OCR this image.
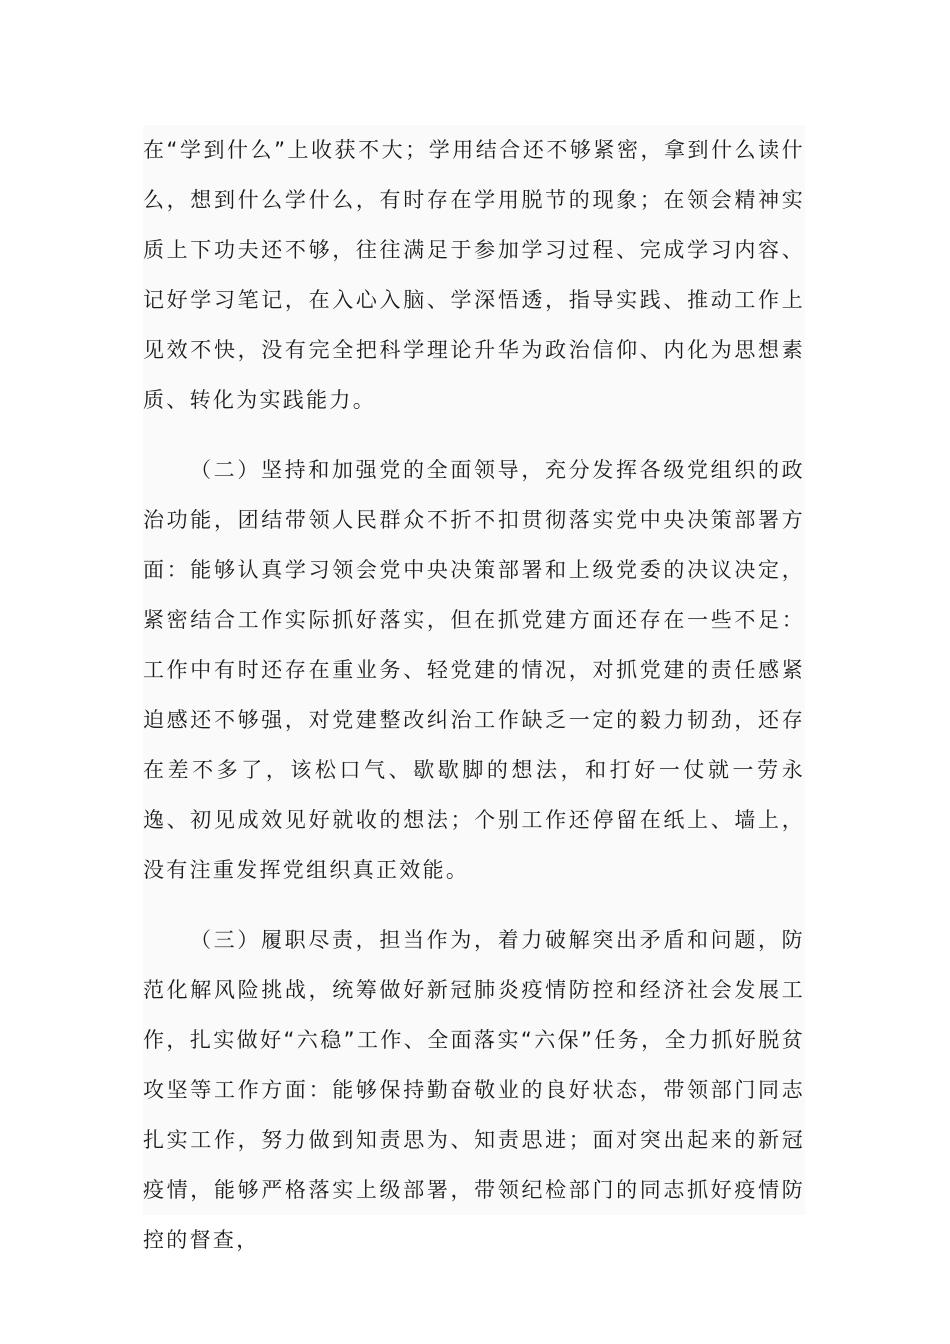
在“学到什么”上收获不大；学用结合还不够紧密，拿到什么读什么，想到什么学什么，有时存在学用脱节的现象；在领会精神实质上下功夫还不够，往往满足于参加学习过程、完成学习内容、记好学习笔记，在入心入脑、学深悟透，指导实践、推动工作上见效不快，没有完全把科学理论升华为政治信仰、内化为思想素质、转化为实践能力。

（二）坚持和加强党的全面领导，充分发挥各级党组织的政治功能，团结带领人民群众不折不扣贯彻落实党中央决策部署方面：能够认真学习领会党中央决策部署和上级党委的决议决定，紧密结合工作实际抓好落实，但在抓党建方面还存在一些不足：工作中有时还存在重业务、轻党建的情况，对抓党建的责任感紧迫感还不够强，对党建整改纠治工作缺乏一定的毅力韧劲，还存在差不多了，该松口气、歇歇脚的想法，和打好一仗就一劳永逸、初见成效见好就收的想法；个别工作还停留在纸上、墙上，没有注重发挥党组织真正效能。

（三）履职尽责，担当作为，着力破解突出矛盾和问题，防范化解风险挑战，统筹做好新冠肺炎疫情防控和经济社会发展工作，扎实做好“六稳”工作、全面落实“六保”任务，全力抓好脱贫攻坚等工作方面：能够保持勤奋敬业的良好状态，带领部门同志扎实工作，努力做到知责思为、知责思进；面对突出起来的新冠疫情，能够严格落实上级部署，带领纪检部门的同志抓好疫情防控的督查，
